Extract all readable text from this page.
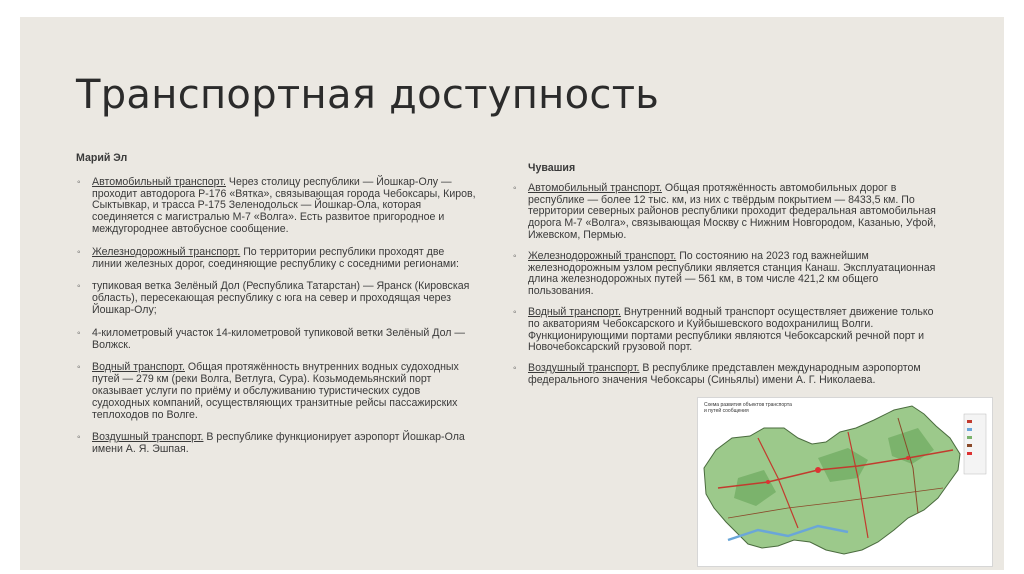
Транспортная доступность
Марий Эл
◦ Автомобильный транспорт. Через столицу республики — Йошкар-Олу — проходит автодорога Р-176 «Вятка», связывающая города Чебоксары, Киров, Сыктывкар, и трасса Р-175 Зеленодольск — Йошкар-Ола, которая соединяется с магистралью М-7 «Волга». Есть развитое пригородное и междугороднее автобусное сообщение.
◦ Железнодорожный транспорт. По территории республики проходят две линии железных дорог, соединяющие республику с соседними регионами:
◦ тупиковая ветка Зелёный Дол (Республика Татарстан) — Яранск (Кировская область), пересекающая республику с юга на север и проходящая через Йошкар-Олу;
◦ 4-километровый участок 14-километровой тупиковой ветки Зелёный Дол — Волжск.
◦ Водный транспорт. Общая протяжённость внутренних водных судоходных путей — 279 км (реки Волга, Ветлуга, Сура). Козьмодемьянский порт оказывает услуги по приёму и обслуживанию туристических судов судоходных компаний, осуществляющих транзитные рейсы пассажирских теплоходов по Волге.
◦ Воздушный транспорт. В республике функционирует аэропорт Йошкар-Ола имени А. Я. Эшпая.
Чувашия
◦ Автомобильный транспорт. Общая протяжённость автомобильных дорог в республике — более 12 тыс. км, из них с твёрдым покрытием — 8433,5 км. По территории северных районов республики проходит федеральная автомобильная дорога М-7 «Волга», связывающая Москву с Нижним Новгородом, Казанью, Уфой, Ижевском, Пермью.
◦ Железнодорожный транспорт. По состоянию на 2023 год важнейшим железнодорожным узлом республики является станция Канаш. Эксплуатационная длина железнодорожных путей — 561 км, в том числе 421,2 км общего пользования.
◦ Водный транспорт. Внутренний водный транспорт осуществляет движение только по акваториям Чебоксарского и Куйбышевского водохранилищ Волги. Функционирующими портами республики являются Чебоксарский речной порт и Новочебоксарский грузовой порт.
◦ Воздушный транспорт. В республике представлен международным аэропортом федерального значения Чебоксары (Синьялы) имени А. Г. Николаева.
Схема развития объектов транспорта и путей сообщения
